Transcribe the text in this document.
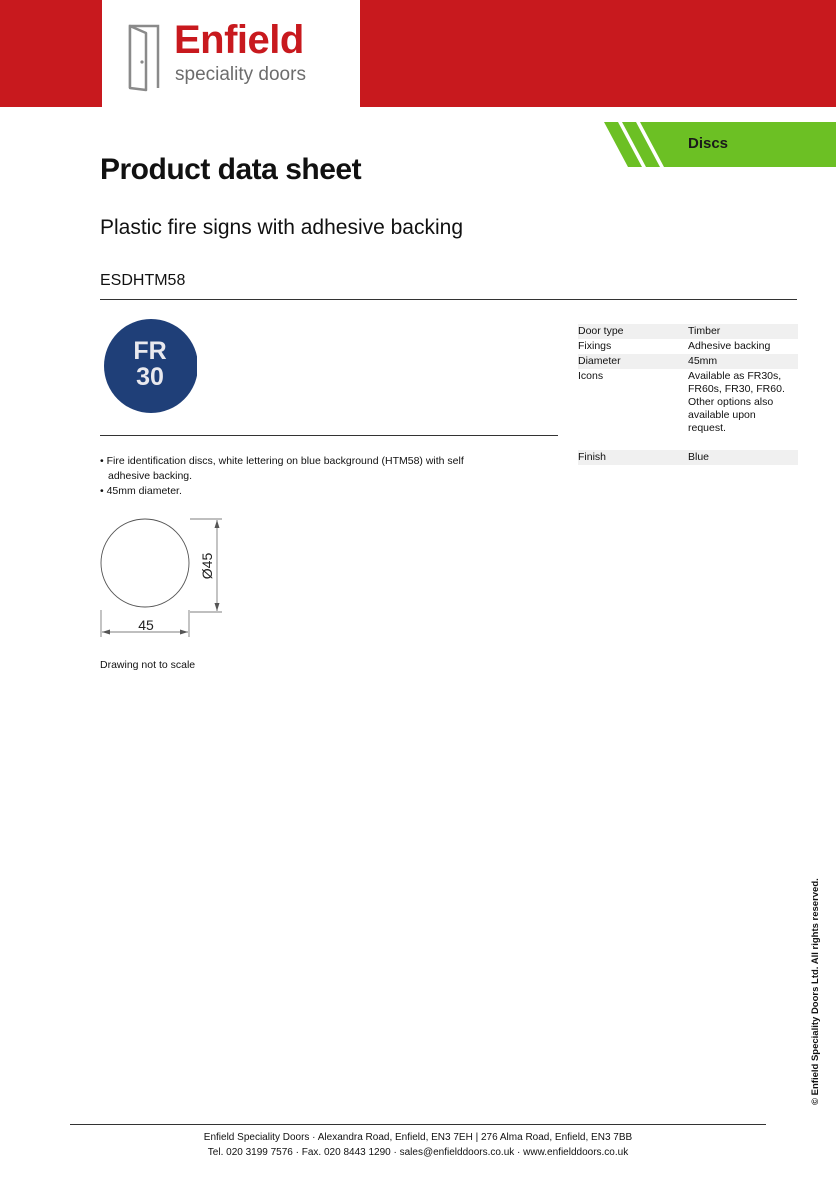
Enfield
speciality doors
Discs
Product data sheet
Plastic fire signs with adhesive backing
ESDHTM58
FR
30

• Fire identification discs, white lettering on blue background (HTM58) with self adhesive backing.

• 45mm diameter.

45
Ø45
Drawing not to scale
Door type	Timber
Fixings	Adhesive backing
Diameter	45mm
Icons	Available as FR30s, FR60s, FR30, FR60. Other options also available upon request.
Finish	Blue
© Enfield Speciality Doors Ltd. All rights reserved.

Enfield Speciality Doors · Alexandra Road, Enfield, EN3 7EH | 276 Alma Road, Enfield, EN3 7BB

Tel. 020 3199 7576 · Fax. 020 8443 1290 · sales@enfielddoors.co.uk · www.enfielddoors.co.uk
